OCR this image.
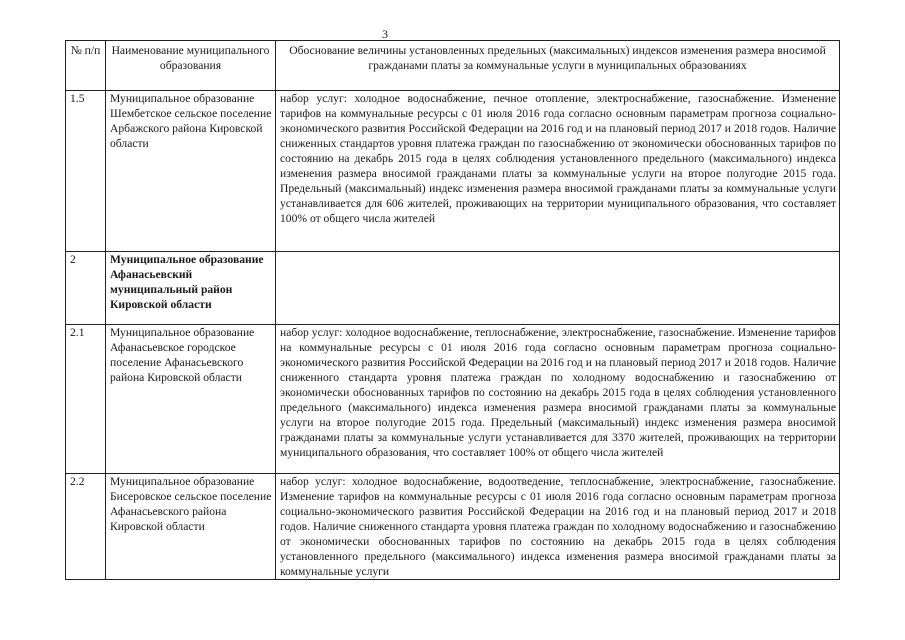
3
№ п/п	Наименование муниципального образования	Обоснование величины установленных предельных (максимальных) индексов изменения размера вносимой гражданами платы за коммунальные услуги в муниципальных образованиях
1.5	Муниципальное образование Шембетское сельское поселение Арбажского района Кировской области	набор услуг: холодное водоснабжение, печное отопление, электроснабжение, газоснабжение. Изменение тарифов на коммунальные ресурсы с 01 июля 2016 года согласно основным параметрам прогноза социально-экономического развития Российской Федерации на 2016 год и на плановый период 2017 и 2018 годов. Наличие сниженных стандартов уровня платежа граждан по газоснабжению от экономически обоснованных тарифов по состоянию на декабрь 2015 года в целях соблюдения установленного предельного (максимального) индекса изменения размера вносимой гражданами платы за коммунальные услуги на второе полугодие 2015 года. Предельный (максимальный) индекс изменения размера вносимой гражданами платы за коммунальные услуги устанавливается для 606 жителей, проживающих на территории муниципального образования, что составляет 100% от общего числа жителей
2	Муниципальное образование Афанасьевский муниципальный район Кировской области	
2.1	Муниципальное образование Афанасьевское городское поселение Афанасьевского района Кировской области	набор услуг: холодное водоснабжение, теплоснабжение, электроснабжение, газоснабжение. Изменение тарифов на коммунальные ресурсы с 01 июля 2016 года согласно основным параметрам прогноза социально-экономического развития Российской Федерации на 2016 год и на плановый период 2017 и 2018 годов. Наличие сниженного стандарта уровня платежа граждан по холодному водоснабжению и газоснабжению от экономически обоснованных тарифов по состоянию на декабрь 2015 года в целях соблюдения установленного предельного (максимального) индекса изменения размера вносимой гражданами платы за коммунальные услуги на второе полугодие 2015 года. Предельный (максимальный) индекс изменения размера вносимой гражданами платы за коммунальные услуги устанавливается для 3370 жителей, проживающих на территории муниципального образования, что составляет 100% от общего числа жителей
2.2	Муниципальное образование Бисеровское сельское поселение Афанасьевского района Кировской области	набор услуг: холодное водоснабжение, водоотведение, теплоснабжение, электроснабжение, газоснабжение. Изменение тарифов на коммунальные ресурсы с 01 июля 2016 года согласно основным параметрам прогноза социально-экономического развития Российской Федерации на 2016 год и на плановый период 2017 и 2018 годов. Наличие сниженного стандарта уровня платежа граждан по холодному водоснабжению и газоснабжению от экономически обоснованных тарифов по состоянию на декабрь 2015 года в целях соблюдения установленного предельного (максимального) индекса изменения размера вносимой гражданами платы за коммунальные услуги
